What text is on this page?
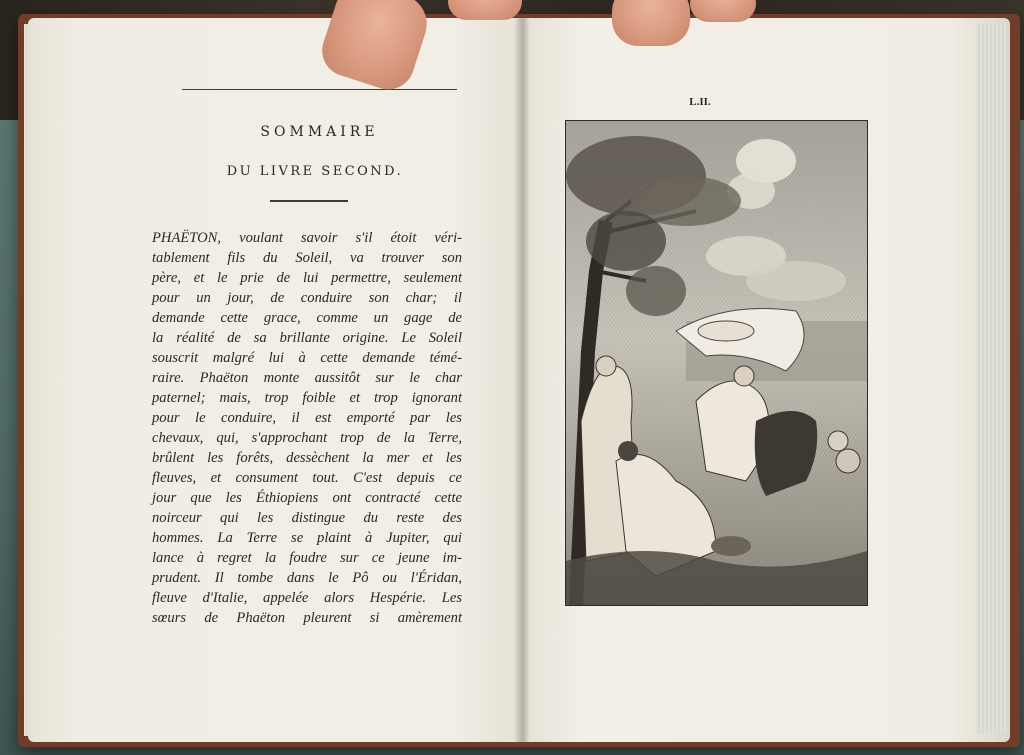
SOMMAIRE
DU LIVRE SECOND.
PHAËTON, voulant savoir s'il étoit véri-
tablement fils du Soleil, va trouver son
père, et le prie de lui permettre, seulement
pour un jour, de conduire son char; il
demande cette grace, comme un gage de
la réalité de sa brillante origine. Le Soleil
souscrit malgré lui à cette demande témé-
raire. Phaëton monte aussitôt sur le char
paternel; mais, trop foible et trop ignorant
pour le conduire, il est emporté par les
chevaux, qui, s'approchant trop de la Terre,
brûlent les forêts, dessèchent la mer et les
fleuves, et consument tout. C'est depuis ce
jour que les Éthiopiens ont contracté cette
noirceur qui les distingue du reste des
hommes. La Terre se plaint à Jupiter, qui
lance à regret la foudre sur ce jeune im-
prudent. Il tombe dans le Pô ou l'Éridan,
fleuve d'Italie, appelée alors Hespérie. Les
sœurs de Phaëton pleurent si amèrement
L.II.
